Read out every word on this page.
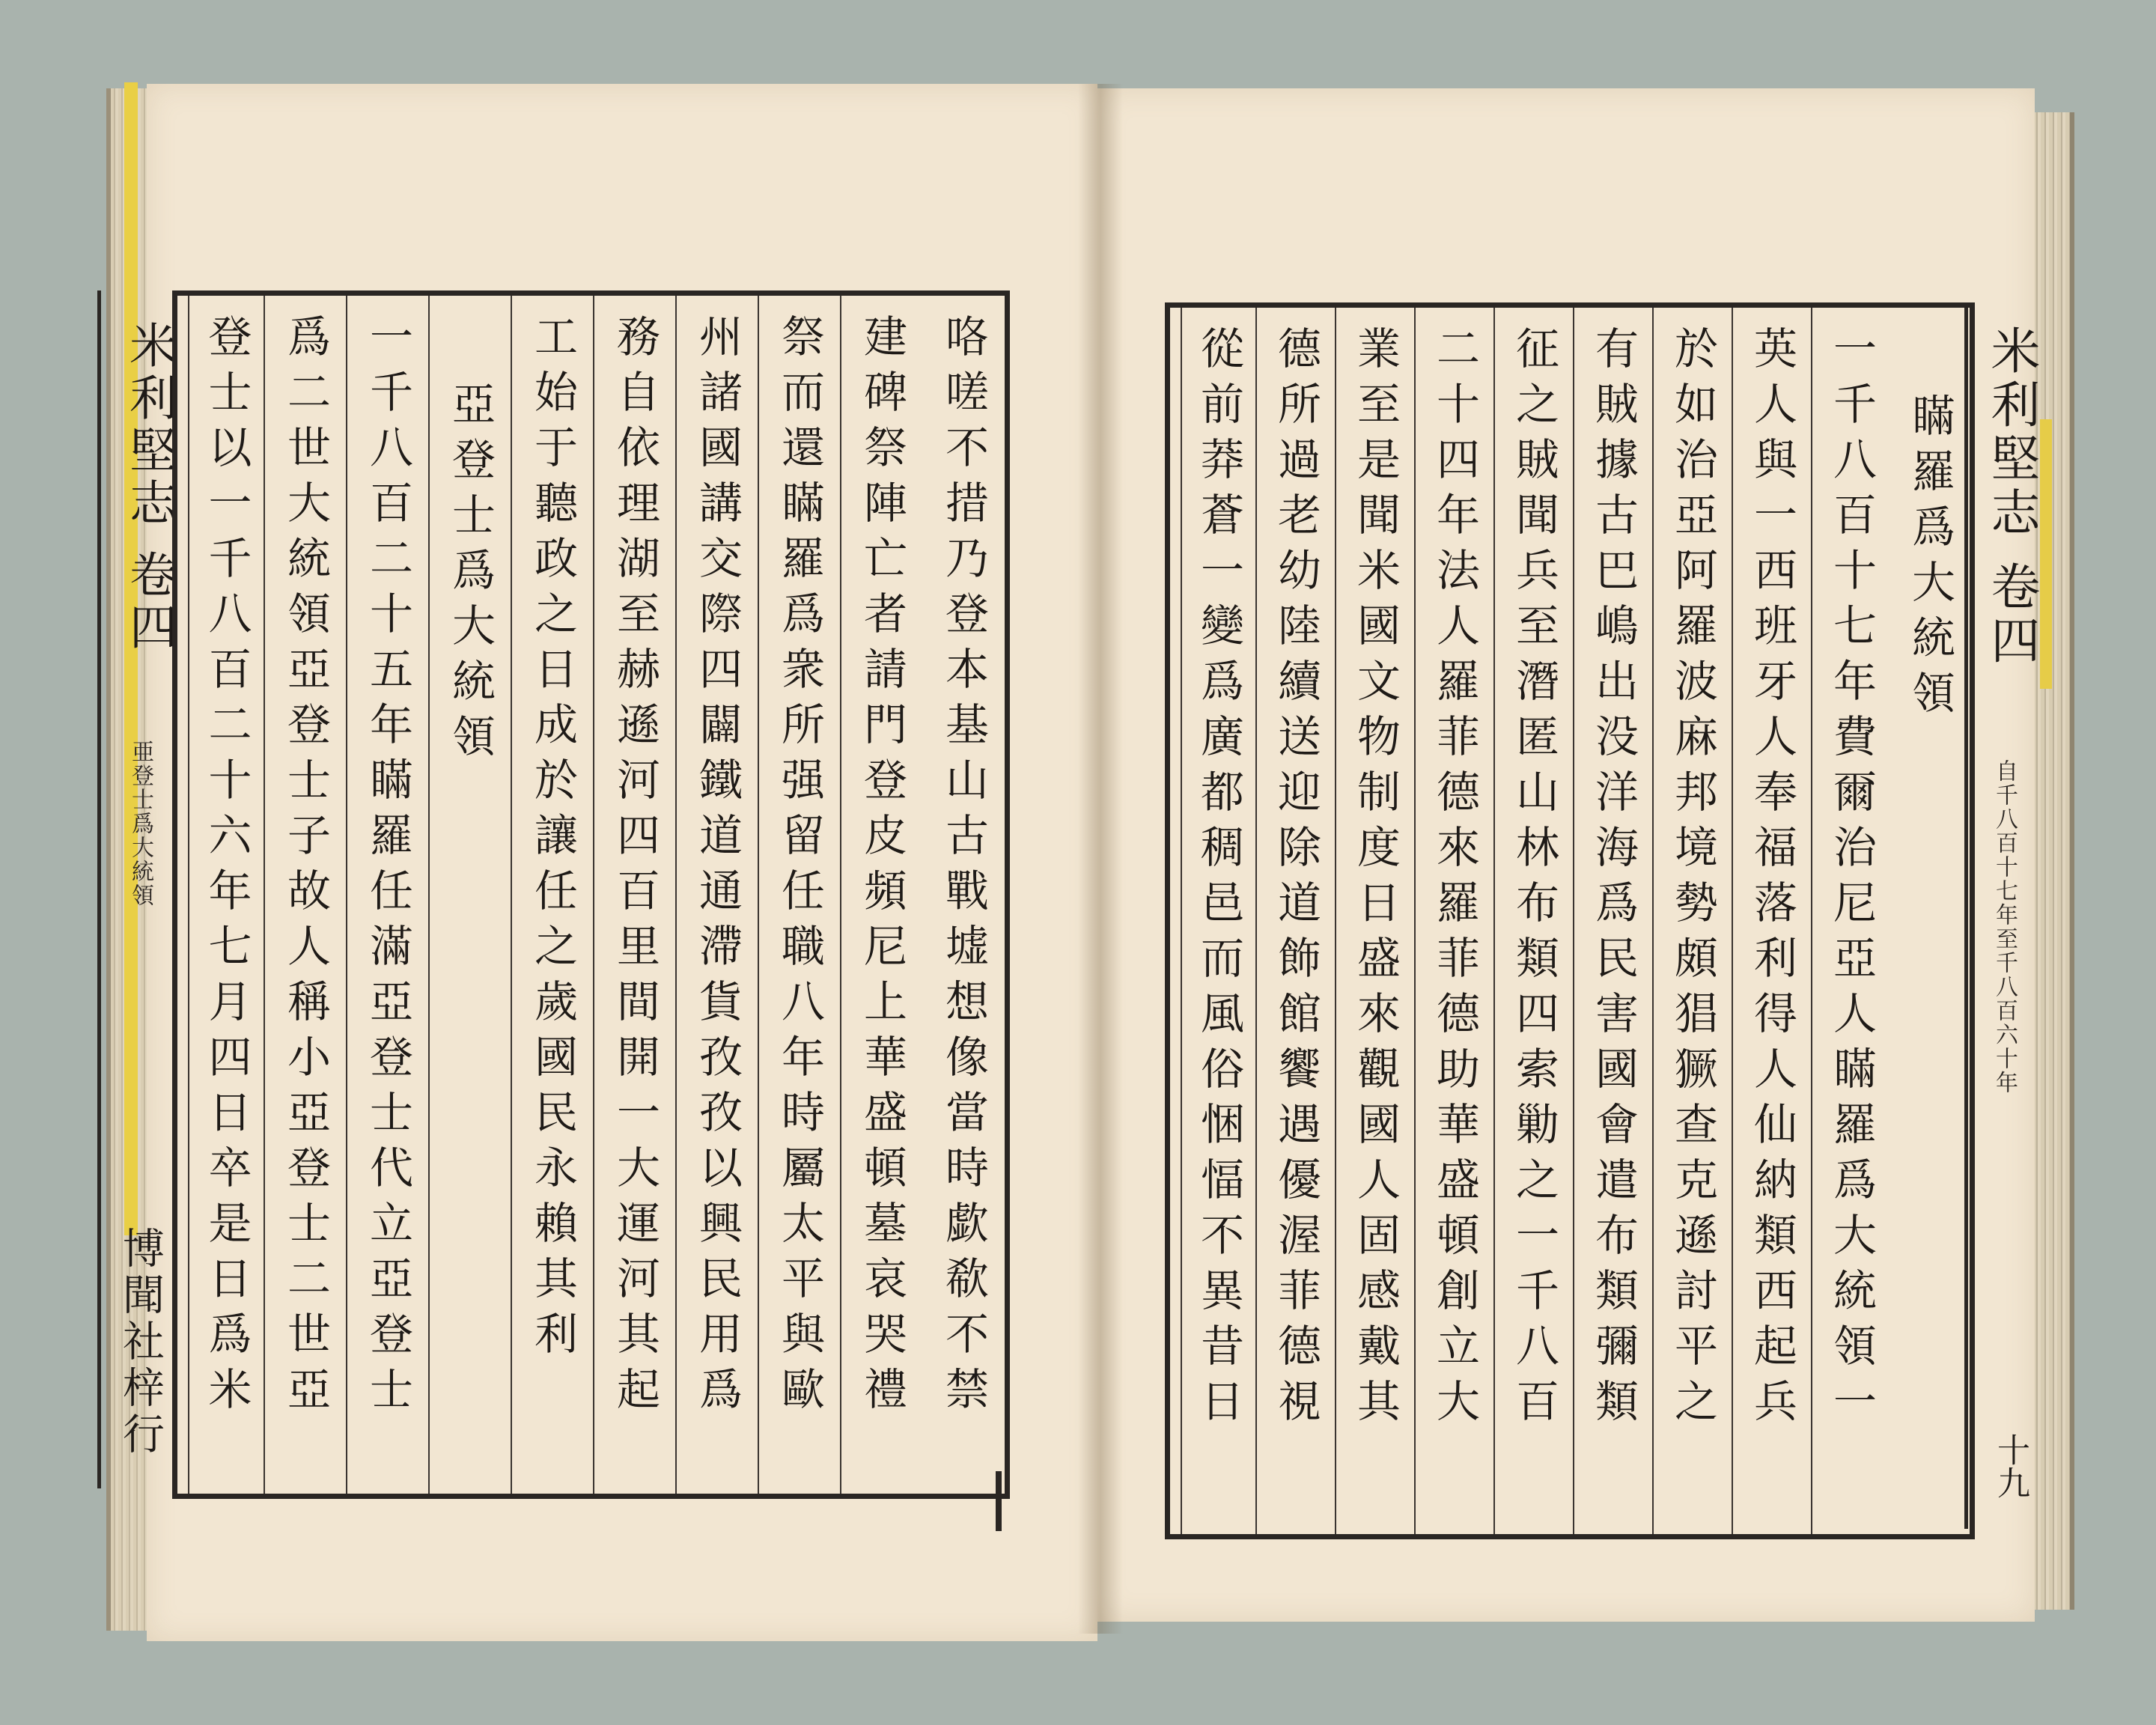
米利堅志 卷四
亜登士爲大統領
博聞社梓行	咯嗟不措乃登本基山古戰墟想像當時歔欷不禁
建碑祭陣亡者請門登皮頻尼上華盛頓墓哀哭禮
祭而還瞞羅爲衆所强留任職八年時屬太平與歐
州諸國講交際四闢鐵道通滯貨孜孜以興民用爲
務自依理湖至赫遜河四百里間開一大運河其起
工始于聽政之日成於讓任之歲國民永賴其利
亞登士爲大統領
一千八百二十五年瞞羅任滿亞登士代立亞登士
爲二世大統領亞登士子故人稱小亞登士二世亞
登士以一千八百二十六年七月四日卒是日爲米	瞞羅爲大統領
一千八百十七年費爾治尼亞人瞞羅爲大統領一
英人與一西班牙人奉福落利得人仙納類西起兵
於如治亞阿羅波麻邦境勢頗猖獗查克遜討平之
有賊據古巴嶋出没洋海爲民害國會遣布類彌類
征之賊聞兵至潛匿山林布類四索勦之一千八百
二十四年法人羅菲德來羅菲德助華盛頓創立大
業至是聞米國文物制度日盛來觀國人固感戴其
德所過老幼陸續送迎除道飾館饗遇優渥菲德視
從前莽蒼一變爲廣都稠邑而風俗悃愊不異昔日	米利堅志 卷四
自千八百十七年至千八百六十年
十九
